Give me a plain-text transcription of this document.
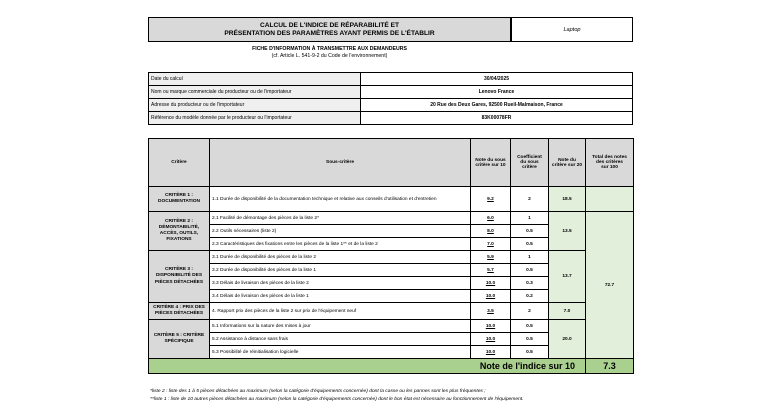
CALCUL DE L'INDICE DE RÉPARABILITÉ ET
PRÉSENTATION DES PARAMÈTRES AYANT PERMIS DE L'ÉTABLIR	Laptop
FICHE D'INFORMATION À TRANSMETTRE AUX DEMANDEURS
(cf. Article L. 541-9-2 du Code de l'environnement)
Date du calcul	30/04/2025
Nom ou marque commerciale du producteur ou de l'importateur	Lenovo France
Adresse du producteur ou de l'importateur	20 Rue des Deux Gares, 92500 Rueil-Malmaison, France
Référence du modèle donnée par le producteur ou l'importateur	83K00078FR
Critère	Sous-critère	Note du sous
critère sur 10	Coefficient
du sous
critère	Note du
critère sur 20	Total des notes
des critères
sur 100
CRITÈRE 1 : DOCUMENTATION	1.1 Durée de disponibilité de la documentation technique et relative aux conseils d'utilisation et d'entretien	9.2	2	18.5	
CRITÈRE 2 : DÉMONTABILITÉ, ACCÈS, OUTILS, FIXATIONS	2.1 Facilité de démontage des pièces de la liste 2*	6.0	1	13.5	72.7
	2.2 Outils nécessaires (liste 2)	8.0	0.5		
	2.3 Caractéristiques des fixations entre les pièces de la liste 1** et de la liste 2	7.0	0.5		
CRITÈRE 3 : DISPONIBILITÉ DES PIÈCES DÉTACHÉES	3.1 Durée de disponibilité des pièces de la liste 2	5.9	1	13.7	
	3.2 Durée de disponibilité des pièces de la liste 1	5.7	0.5		
	3.3 Délais de livraison des pièces de la liste 2	10.0	0.3		
	3.4 Délais de livraison des pièces de la liste 1	10.0	0.2		
CRITÈRE 4 : PRIX DES PIÈCES DÉTACHÉES	4. Rapport prix des pièces de la liste 2 sur prix de l'équipement neuf	3.5	2	7.0	
CRITÈRE 5 : CRITÈRE SPÉCIFIQUE	5.1 Informations sur la nature des mises à jour	10.0	0.5	20.0	
	5.2 Assistance à distance sans frais	10.0	0.5		
	5.3 Possibilité de réinitialisation logicielle	10.0	0.5		
Note de l'indice sur 10					7.3
*liste 2 : liste des 1 à 5 pièces détachées au maximum (selon la catégorie d'équipements concernée) dont la casse ou les pannes sont les plus fréquentes ;
**liste 1 : liste de 10 autres pièces détachées au maximum (selon la catégorie d'équipements concernée) dont le bon état est nécessaire au fonctionnement de l'équipement.
